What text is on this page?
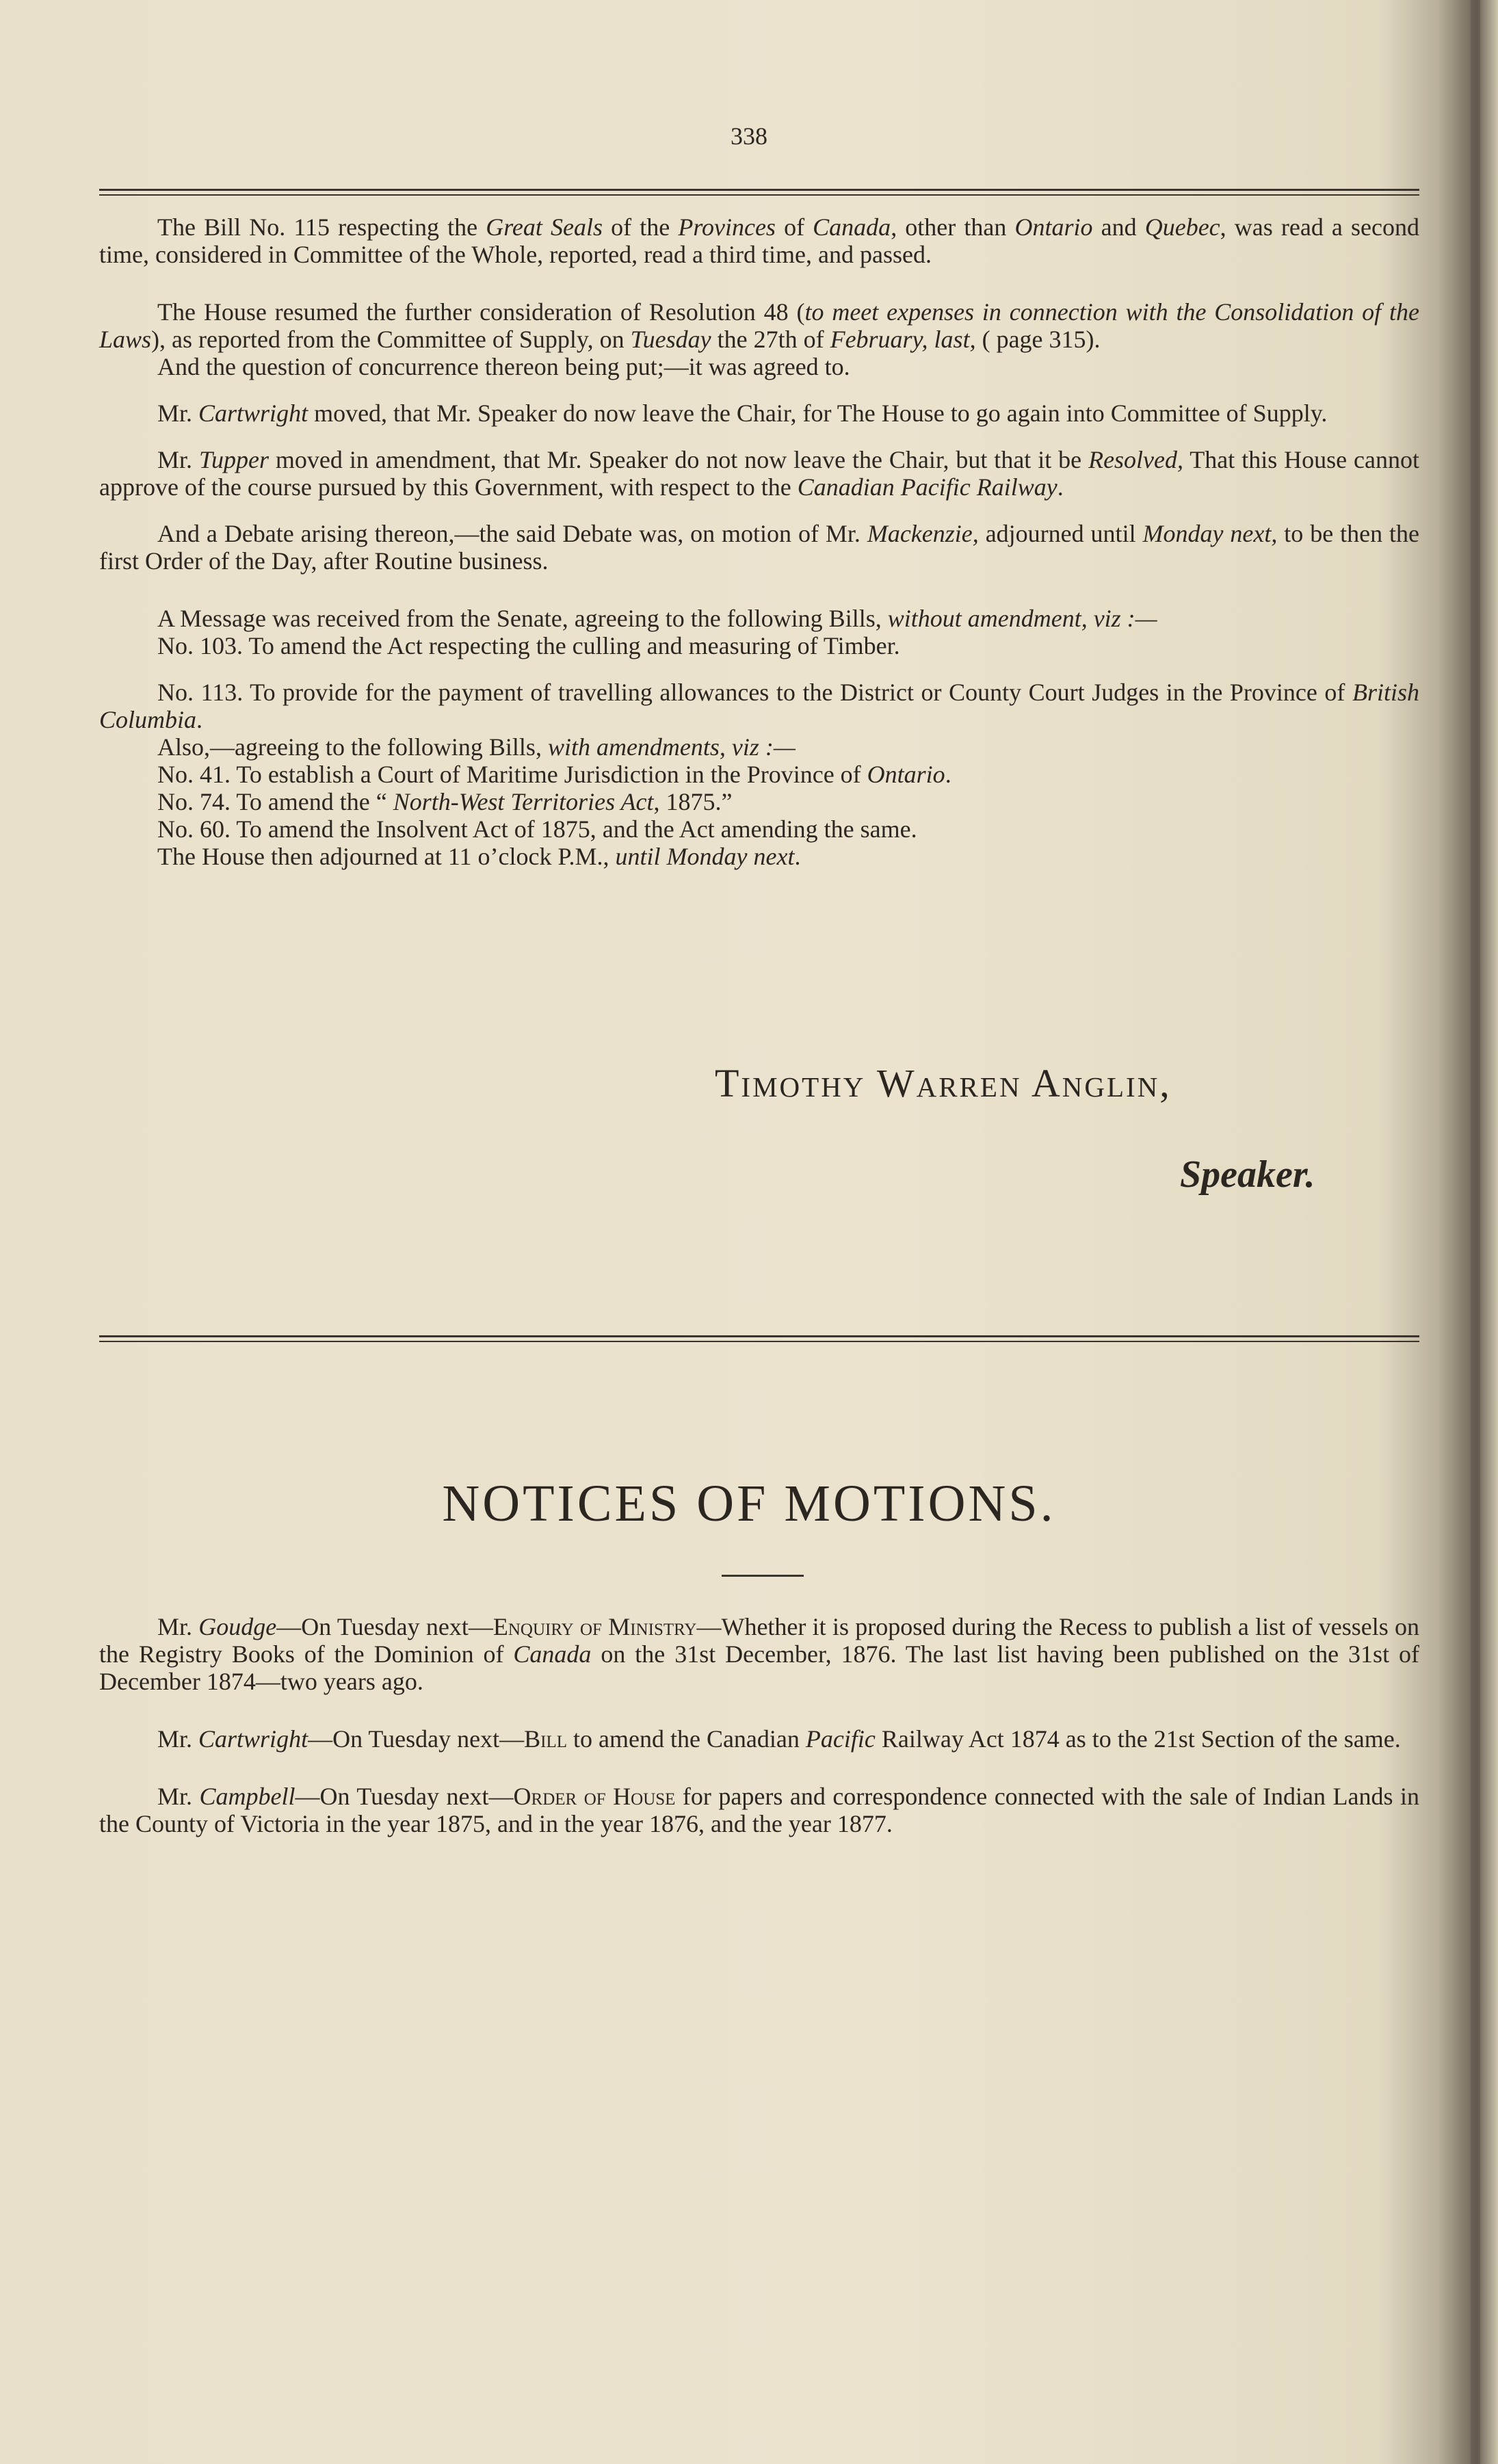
338

The Bill No. 115 respecting the Great Seals of the Provinces of Canada, other than Ontario and Quebec, was read a second time, considered in Committee of the Whole, reported, read a third time, and passed.

The House resumed the further consideration of Resolution 48 (to meet expenses in connection with the Consolidation of the Laws), as reported from the Committee of Supply, on Tuesday the 27th of February, last, ( page 315).

And the question of concurrence thereon being put;—it was agreed to.

Mr. Cartwright moved, that Mr. Speaker do now leave the Chair, for The House to go again into Committee of Supply.

Mr. Tupper moved in amendment, that Mr. Speaker do not now leave the Chair, but that it be Resolved, That this House cannot approve of the course pursued by this Government, with respect to the Canadian Pacific Railway.

And a Debate arising thereon,—the said Debate was, on motion of Mr. Mackenzie, adjourned until Monday next, to be then the first Order of the Day, after Routine business.

A Message was received from the Senate, agreeing to the following Bills, without amendment, viz :—

No. 103. To amend the Act respecting the culling and measuring of Timber.

No. 113. To provide for the payment of travelling allowances to the District or County Court Judges in the Province of British Columbia.

Also,—agreeing to the following Bills, with amendments, viz :—

No. 41. To establish a Court of Maritime Jurisdiction in the Province of Ontario.

No. 74. To amend the “ North-West Territories Act, 1875.”

No. 60. To amend the Insolvent Act of 1875, and the Act amending the same.

The House then adjourned at 11 o’clock P.M., until Monday next.

Timothy Warren Anglin,
Speaker.
NOTICES OF MOTIONS.

Mr. Goudge—On Tuesday next—Enquiry of Ministry—Whether it is proposed during the Recess to publish a list of vessels on the Registry Books of the Dominion of Canada on the 31st December, 1876. The last list having been published on the 31st of December 1874—two years ago.

Mr. Cartwright—On Tuesday next—Bill to amend the Canadian Pacific Railway Act 1874 as to the 21st Section of the same.

Mr. Campbell—On Tuesday next—Order of House for papers and correspondence connected with the sale of Indian Lands in the County of Victoria in the year 1875, and in the year 1876, and the year 1877.
